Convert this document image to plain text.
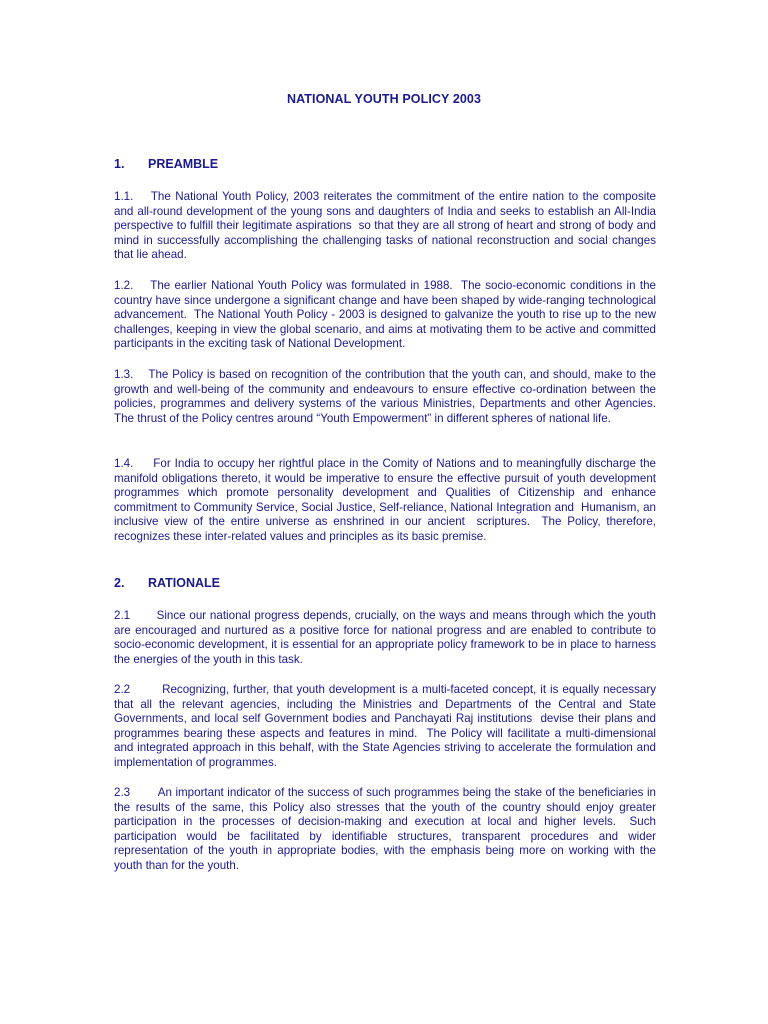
NATIONAL YOUTH POLICY 2003
1. PREAMBLE
1.1. The National Youth Policy, 2003 reiterates the commitment of the entire nation to the composite and all-round development of the young sons and daughters of India and seeks to establish an All-India perspective to fulfill their legitimate aspirations  so that they are all strong of heart and strong of body and mind in successfully accomplishing the challenging tasks of national reconstruction and social changes that lie ahead.
1.2. The earlier National Youth Policy was formulated in 1988.  The socio-economic conditions in the country have since undergone a significant change and have been shaped by wide-ranging technological advancement.  The National Youth Policy - 2003 is designed to galvanize the youth to rise up to the new challenges, keeping in view the global scenario, and aims at motivating them to be active and committed participants in the exciting task of National Development.
1.3. The Policy is based on recognition of the contribution that the youth can, and should, make to the growth and well-being of the community and endeavours to ensure effective co-ordination between the policies, programmes and delivery systems of the various Ministries, Departments and other Agencies.  The thrust of the Policy centres around “Youth Empowerment” in different spheres of national life.
1.4. For India to occupy her rightful place in the Comity of Nations and to meaningfully discharge the manifold obligations thereto, it would be imperative to ensure the effective pursuit of youth development programmes which promote personality development and Qualities of Citizenship and enhance commitment to Community Service, Social Justice, Self-reliance, National Integration and  Humanism, an inclusive view of the entire universe as enshrined in our ancient  scriptures.  The Policy, therefore, recognizes these inter-related values and principles as its basic premise.
2. RATIONALE
2.1 Since our national progress depends, crucially, on the ways and means through which the youth are encouraged and nurtured as a positive force for national progress and are enabled to contribute to socio-economic development, it is essential for an appropriate policy framework to be in place to harness the energies of the youth in this task.
2.2	Recognizing, further, that youth development is a multi-faceted concept, it is equally necessary that all the relevant agencies, including the Ministries and Departments of the Central and State Governments, and local self Government bodies and Panchayati Raj institutions  devise their plans and programmes bearing these aspects and features in mind.  The Policy will facilitate a multi-dimensional and integrated approach in this behalf, with the State Agencies striving to accelerate the formulation and implementation of programmes.
2.3 An important indicator of the success of such programmes being the stake of the beneficiaries in the results of the same, this Policy also stresses that the youth of the country should enjoy greater participation in the processes of decision-making and execution at local and higher levels.  Such participation would be facilitated by identifiable structures, transparent procedures and wider representation of the youth in appropriate bodies, with the emphasis being more on working with the youth than for the youth.
